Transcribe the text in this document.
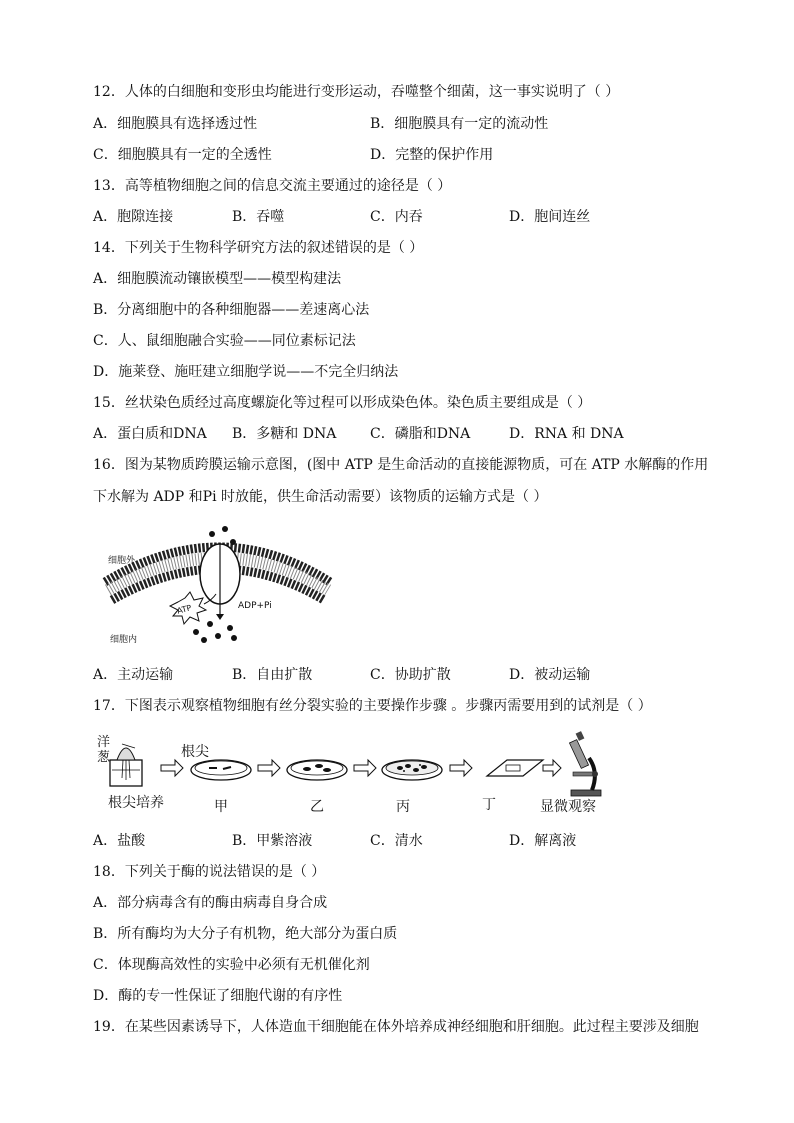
12．人体的白细胞和变形虫均能进行变形运动，吞噬整个细菌，这一事实说明了（ ）
A．细胞膜具有选择透过性	B．细胞膜具有一定的流动性
C．细胞膜具有一定的全透性	D．完整的保护作用
13．高等植物细胞之间的信息交流主要通过的途径是（ ）
A．胞隙连接	B．吞噬	C．内吞	D．胞间连丝
14．下列关于生物科学研究方法的叙述错误的是（ ）
A．细胞膜流动镶嵌模型——模型构建法
B．分离细胞中的各种细胞器——差速离心法
C．人、鼠细胞融合实验——同位素标记法
D．施莱登、施旺建立细胞学说——不完全归纳法
15．丝状染色质经过高度螺旋化等过程可以形成染色体。染色质主要组成是（ ）
A．蛋白质和DNA B．多糖和 DNA C．磷脂和DNA	D．RNA 和 DNA
16．图为某物质跨膜运输示意图，(图中 ATP 是生命活动的直接能源物质，可在 ATP 水解酶的作用
下水解为 ADP 和Pi 时放能，供生命活动需要）该物质的运输方式是（ ）
细胞外
细胞内
ATP	ADP+Pi
A．主动运输	B．自由扩散	C．协助扩散	D．被动运输
17．下图表示观察植物细胞有丝分裂实验的主要操作步骤 。步骤丙需要用到的试剂是（ ）
洋葱	根尖
根尖培养	甲	乙	丙	丁	显微观察
A．盐酸	B．甲紫溶液	C．清水	D．解离液
18．下列关于酶的说法错误的是（ ）
A．部分病毒含有的酶由病毒自身合成
B．所有酶均为大分子有机物，绝大部分为蛋白质
C．体现酶高效性的实验中必须有无机催化剂
D．酶的专一性保证了细胞代谢的有序性
19．在某些因素诱导下，人体造血干细胞能在体外培养成神经细胞和肝细胞。此过程主要涉及细胞
